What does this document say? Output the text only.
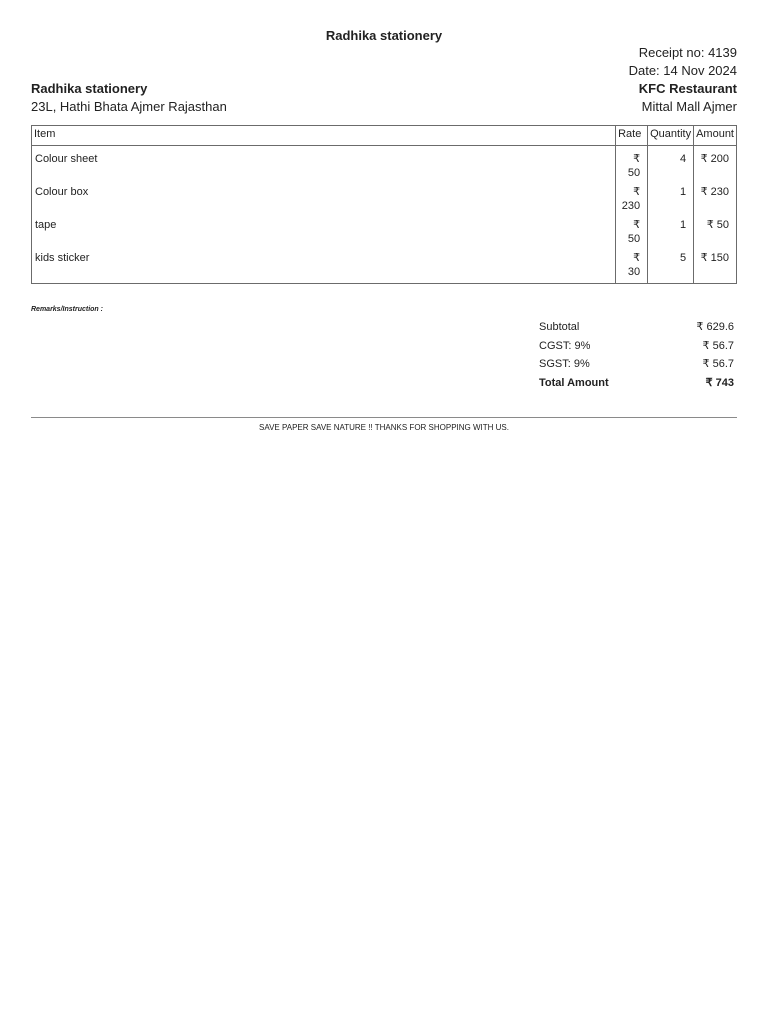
Radhika stationery
Receipt no: 4139
Date: 14 Nov 2024
Radhika stationery
23L, Hathi Bhata Ajmer Rajasthan
KFC Restaurant
Mittal Mall Ajmer
Item	Rate	Quantity	Amount
Colour sheet	₹ 50	4	₹ 200
Colour box	₹ 230	1	₹ 230
tape	₹ 50	1	₹ 50
kids sticker	₹ 30	5	₹ 150
Remarks/Instruction :
Subtotal	₹ 629.6
CGST: 9%	₹ 56.7
SGST: 9%	₹ 56.7
Total Amount	₹ 743
SAVE PAPER SAVE NATURE !! THANKS FOR SHOPPING WITH US.
